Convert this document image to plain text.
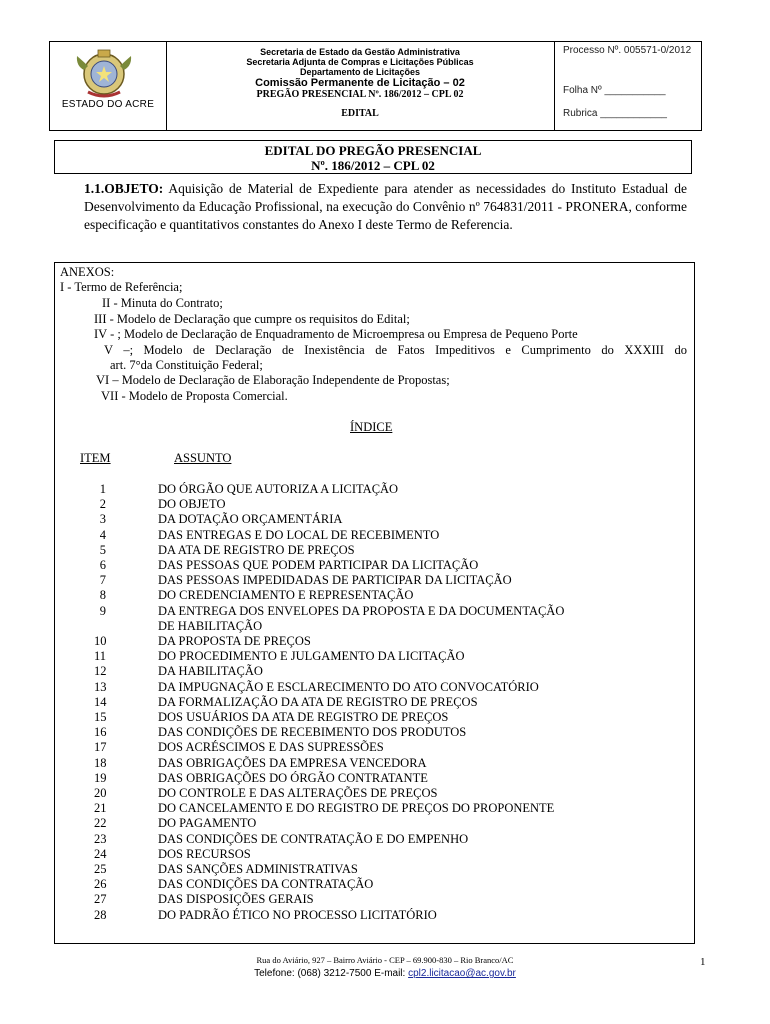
ESTADO DO ACRE
Secretaria de Estado da Gestão Administrativa
Secretaria Adjunta de Compras e Licitações Públicas
Departamento de Licitações
Comissão Permanente de Licitação – 02
PREGÃO PRESENCIAL Nº. 186/2012 – CPL 02
EDITAL
Processo Nº. 005571-0/2012
Folha Nº ___________
Rubrica ____________
EDITAL DO PREGÃO PRESENCIAL
Nº. 186/2012 – CPL 02
1.1.OBJETO: Aquisição de Material de Expediente para atender as necessidades do Instituto Estadual de Desenvolvimento da Educação Profissional, na execução do Convênio nº 764831/2011 - PRONERA, conforme especificação e quantitativos constantes do Anexo I deste Termo de Referencia.
ANEXOS:
I - Termo de Referência;
II - Minuta do Contrato;
III - Modelo de Declaração que cumpre os requisitos do Edital;
IV - ; Modelo de Declaração de Enquadramento de Microempresa ou Empresa de Pequeno Porte
V –; Modelo de Declaração de Inexistência de Fatos Impeditivos e Cumprimento do XXXIII do
art. 7°da Constituição Federal;
VI – Modelo de Declaração de Elaboração Independente de Propostas;
VII - Modelo de Proposta Comercial.
ÍNDICE
ITEM	ASSUNTO
1	DO ÓRGÃO QUE AUTORIZA A LICITAÇÃO
2	DO OBJETO
3	DA DOTAÇÃO ORÇAMENTÁRIA
4	DAS ENTREGAS E DO LOCAL DE RECEBIMENTO
5	DA ATA DE REGISTRO DE PREÇOS
6	DAS PESSOAS QUE PODEM PARTICIPAR DA LICITAÇÃO
7	DAS PESSOAS IMPEDIDADAS DE PARTICIPAR DA LICITAÇÃO
8	DO CREDENCIAMENTO E REPRESENTAÇÃO
9	DA ENTREGA DOS ENVELOPES DA PROPOSTA E DA DOCUMENTAÇÃO
DE HABILITAÇÃO
10	DA PROPOSTA DE PREÇOS
11	DO PROCEDIMENTO E JULGAMENTO DA LICITAÇÃO
12	DA HABILITAÇÃO
13	DA IMPUGNAÇÃO E ESCLARECIMENTO DO ATO CONVOCATÓRIO
14	DA FORMALIZAÇÃO DA ATA DE REGISTRO DE PREÇOS
15	DOS USUÁRIOS DA ATA DE REGISTRO DE PREÇOS
16	DAS CONDIÇÕES DE RECEBIMENTO DOS PRODUTOS
17	DOS ACRÉSCIMOS E DAS SUPRESSÕES
18	DAS OBRIGAÇÕES DA EMPRESA VENCEDORA
19	DAS OBRIGAÇÕES DO ÓRGÃO CONTRATANTE
20	DO CONTROLE E DAS ALTERAÇÕES DE PREÇOS
21	DO CANCELAMENTO E DO REGISTRO DE PREÇOS DO PROPONENTE
22	DO PAGAMENTO
23	DAS CONDIÇÕES DE CONTRATAÇÃO E DO EMPENHO
24	DOS RECURSOS
25	DAS SANÇÕES ADMINISTRATIVAS
26	DAS CONDIÇÕES DA CONTRATAÇÃO
27	DAS DISPOSIÇÕES GERAIS
28	DO PADRÃO ÉTICO NO PROCESSO LICITATÓRIO
Rua do Aviário, 927 – Bairro Aviário - CEP – 69.900-830 – Rio Branco/AC
Telefone: (068) 3212-7500 E-mail: cpl2.licitacao@ac.gov.br
1
